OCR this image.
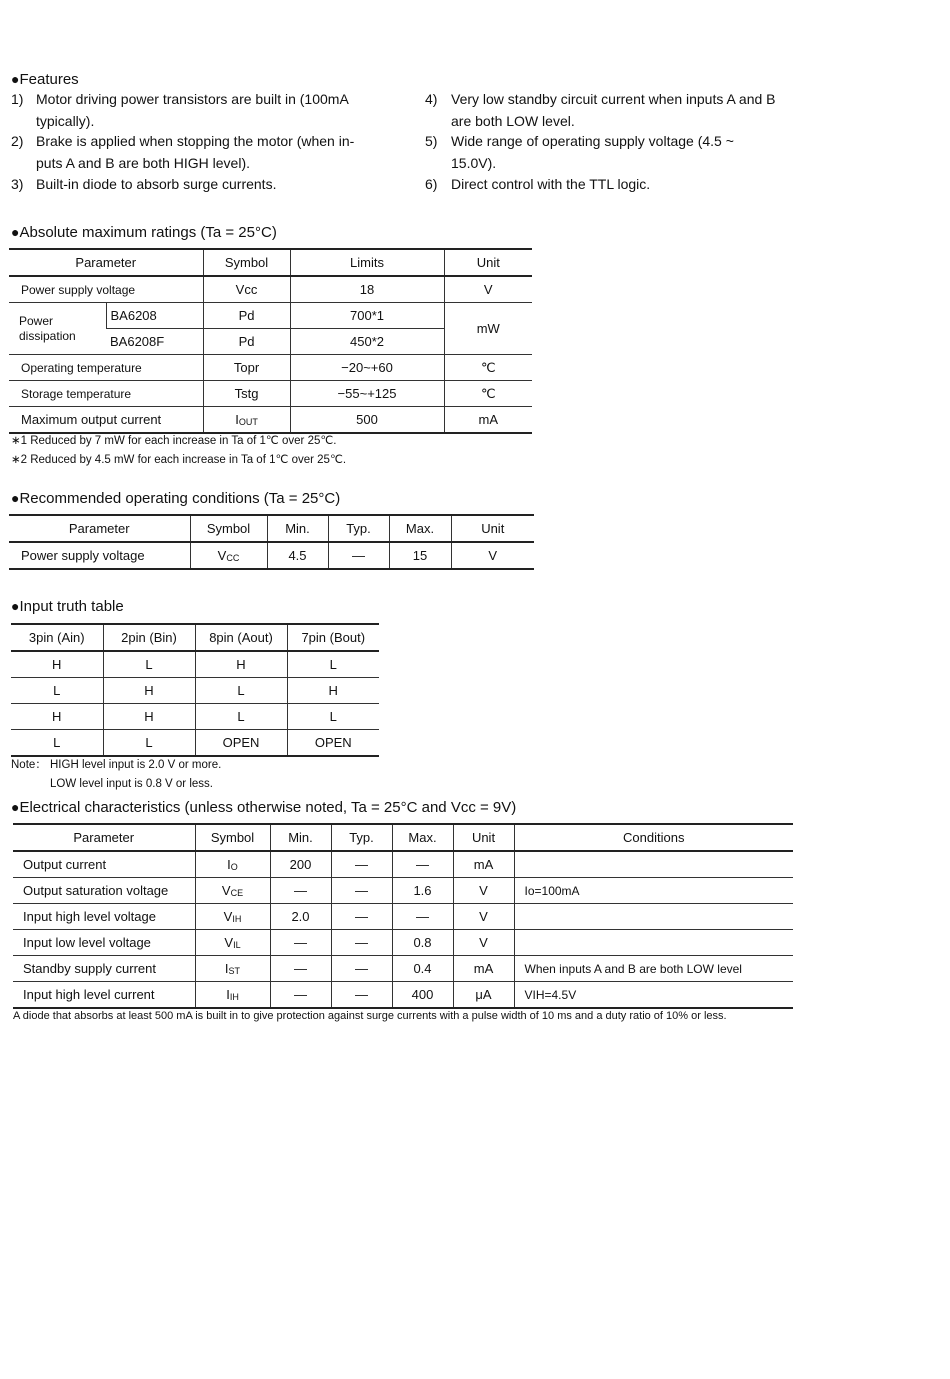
●Features
1) Motor driving power transistors are built in (100mA
typically).
2) Brake is applied when stopping the motor (when in-
puts A and B are both HIGH level).
3) Built-in diode to absorb surge currents.
4) Very low standby circuit current when inputs A and B
are both LOW level.
5) Wide range of operating supply voltage (4.5 ~
15.0V).
6) Direct control with the TTL logic.
●Absolute maximum ratings (Ta = 25°C)
Parameter		Symbol	Limits	Unit
Power supply voltage		Vcc	18	V
Power dissipation	BA6208	Pd	700*1	mW
	BA6208F	Pd	450*2	
Operating temperature		Topr	−20~+60	℃
Storage temperature		Tstg	−55~+125	℃
Maximum output current		$I_{OUT}$	500	mA
∗1 Reduced by 7 mW for each increase in Ta of 1℃ over 25℃.
∗2 Reduced by 4.5 mW for each increase in Ta of 1℃ over 25℃.
●Recommended operating conditions (Ta = 25°C)
Parameter	Symbol	Min.	Typ.	Max.	Unit
Power supply voltage	$V_{CC}$	4.5	—	15	V
●Input truth table
3pin (Ain)	2pin (Bin)	8pin (Aout)	7pin (Bout)
H	L	H	L
L	H	L	H
H	H	L	L
L	L	OPEN	OPEN
Note： HIGH level input is 2.0 V or more.
LOW level input is 0.8 V or less.
●Electrical characteristics (unless otherwise noted, Ta = 25°C and Vcc = 9V)
Parameter	Symbol	Min.	Typ.	Max.	Unit	Conditions
Output current	$I_O$	200	—	—	mA	
Output saturation voltage	$V_{CE}$	—	—	1.6	V	Io=100mA
Input high level voltage	$V_{IH}$	2.0	—	—	V	
Input low level voltage	$V_{IL}$	—	—	0.8	V	
Standby supply current	$I_{ST}$	—	—	0.4	mA	When inputs A and B are both LOW level
Input high level current	$I_{IH}$	—	—	400	μA	VIH=4.5V
A diode that absorbs at least 500 mA is built in to give protection against surge currents with a pulse width of 10 ms and a duty ratio of 10% or less.
